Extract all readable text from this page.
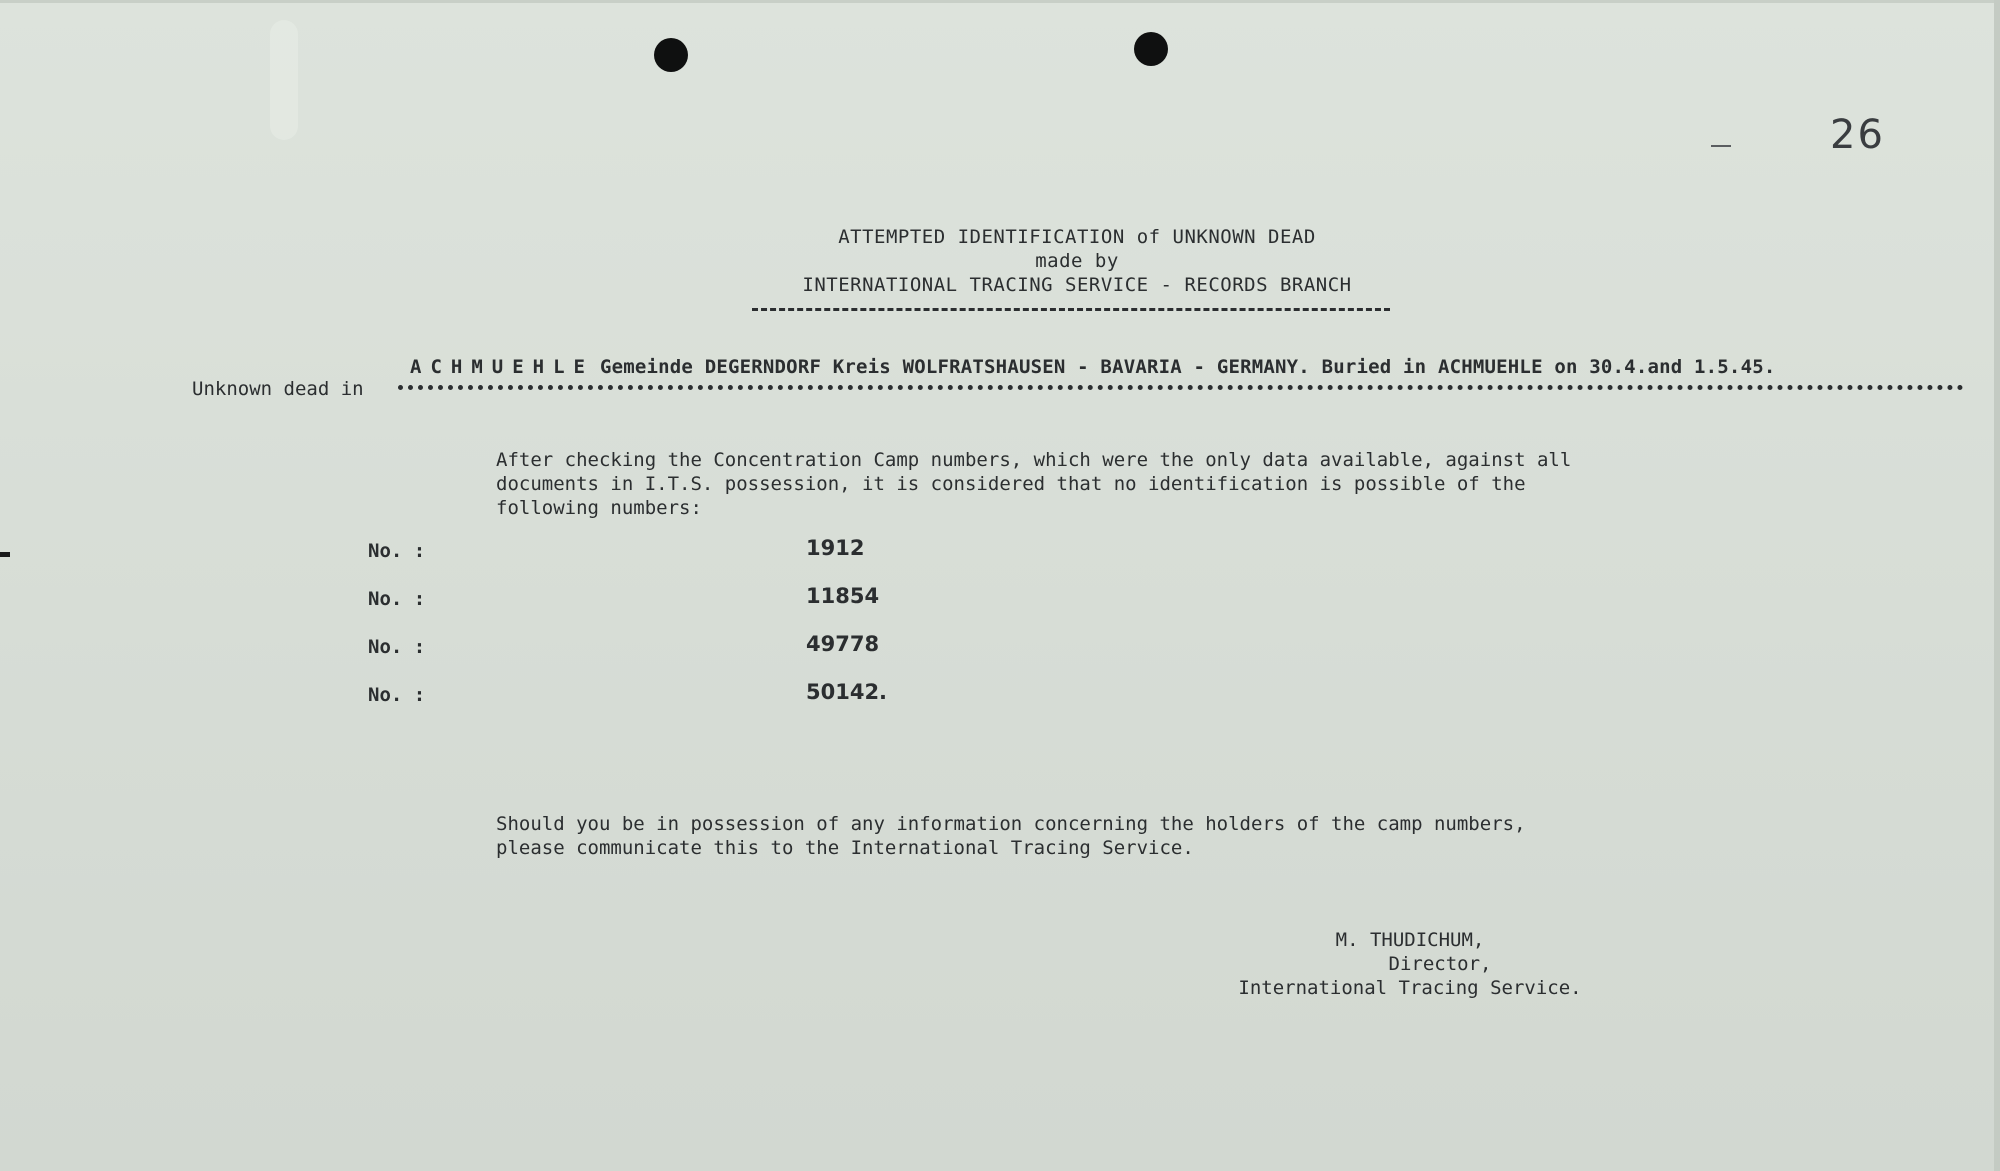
26
ATTEMPTED IDENTIFICATION of UNKNOWN DEAD
made by
INTERNATIONAL TRACING SERVICE - RECORDS BRANCH
ACHMUEHLE Gemeinde DEGERNDORF Kreis WOLFRATSHAUSEN - BAVARIA - GERMANY. Buried in ACHMUEHLE on 30.4.and 1.5.45.
Unknown dead in
After checking the Concentration Camp numbers, which were the only data available, against all
documents in I.T.S. possession, it is considered that no identification is possible of the
following numbers:
No. :	1912
No. :	11854
No. :	49778
No. :	50142.
Should you be in possession of any information concerning the holders of the camp numbers,
please communicate this to the International Tracing Service.
M. THUDICHUM,
Director,
International Tracing Service.
